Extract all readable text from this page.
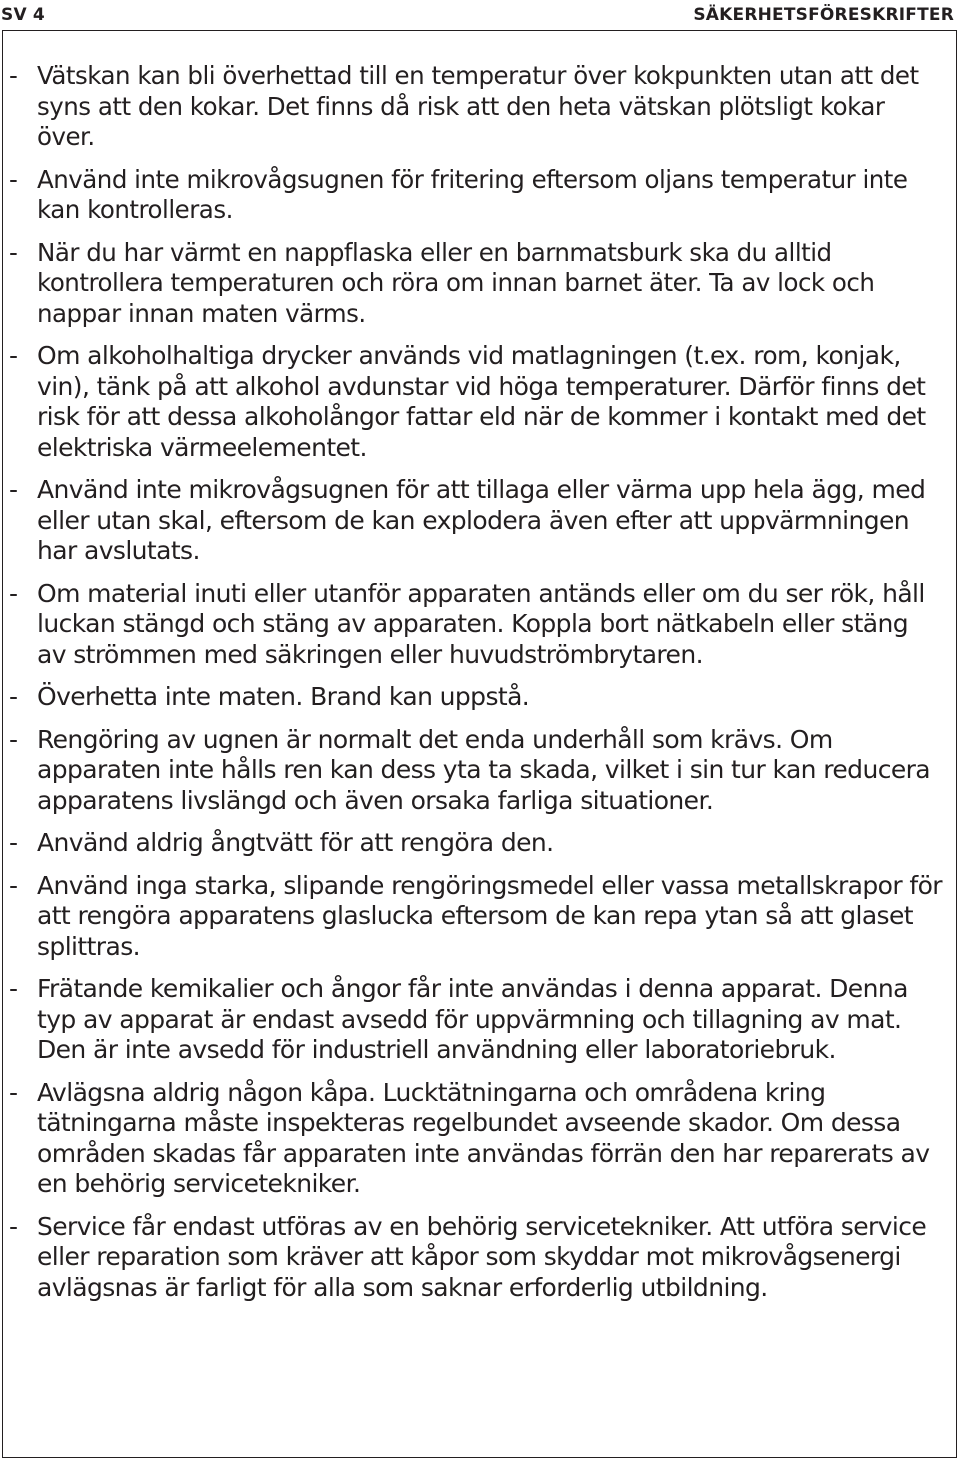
SV 4	SÄKERHETSFÖRESKRIFTER
- Vätskan kan bli överhettad till en temperatur över kokpunkten utan att det syns att den kokar. Det finns då risk att den heta vätskan plötsligt kokar över.
- Använd inte mikrovågsugnen för fritering eftersom oljans temperatur inte kan kontrolleras.
- När du har värmt en nappflaska eller en barnmatsburk ska du alltid kontrollera temperaturen och röra om innan barnet äter. Ta av lock och nappar innan maten värms.
- Om alkoholhaltiga drycker används vid matlagningen (t.ex. rom, konjak, vin), tänk på att alkohol avdunstar vid höga temperaturer. Därför finns det risk för att dessa alkoholångor fattar eld när de kommer i kontakt med det elektriska värmeelementet.
- Använd inte mikrovågsugnen för att tillaga eller värma upp hela ägg, med eller utan skal, eftersom de kan explodera även efter att uppvärmningen har avslutats.
- Om material inuti eller utanför apparaten antänds eller om du ser rök, håll luckan stängd och stäng av apparaten. Koppla bort nätkabeln eller stäng av strömmen med säkringen eller huvudströmbrytaren.
- Överhetta inte maten. Brand kan uppstå.
- Rengöring av ugnen är normalt det enda underhåll som krävs. Om apparaten inte hålls ren kan dess yta ta skada, vilket i sin tur kan reducera apparatens livslängd och även orsaka farliga situationer.
- Använd aldrig ångtvätt för att rengöra den.
- Använd inga starka, slipande rengöringsmedel eller vassa metallskrapor för att rengöra apparatens glaslucka eftersom de kan repa ytan så att glaset splittras.
- Frätande kemikalier och ångor får inte användas i denna apparat. Denna typ av apparat är endast avsedd för uppvärmning och tillagning av mat. Den är inte avsedd för industriell användning eller laboratoriebruk.
- Avlägsna aldrig någon kåpa. Lucktätningarna och områdena kring tätningarna måste inspekteras regelbundet avseende skador. Om dessa områden skadas får apparaten inte användas förrän den har reparerats av en behörig servicetekniker.
- Service får endast utföras av en behörig servicetekniker. Att utföra service eller reparation som kräver att kåpor som skyddar mot mikrovågsenergi avlägsnas är farligt för alla som saknar erforderlig utbildning.
